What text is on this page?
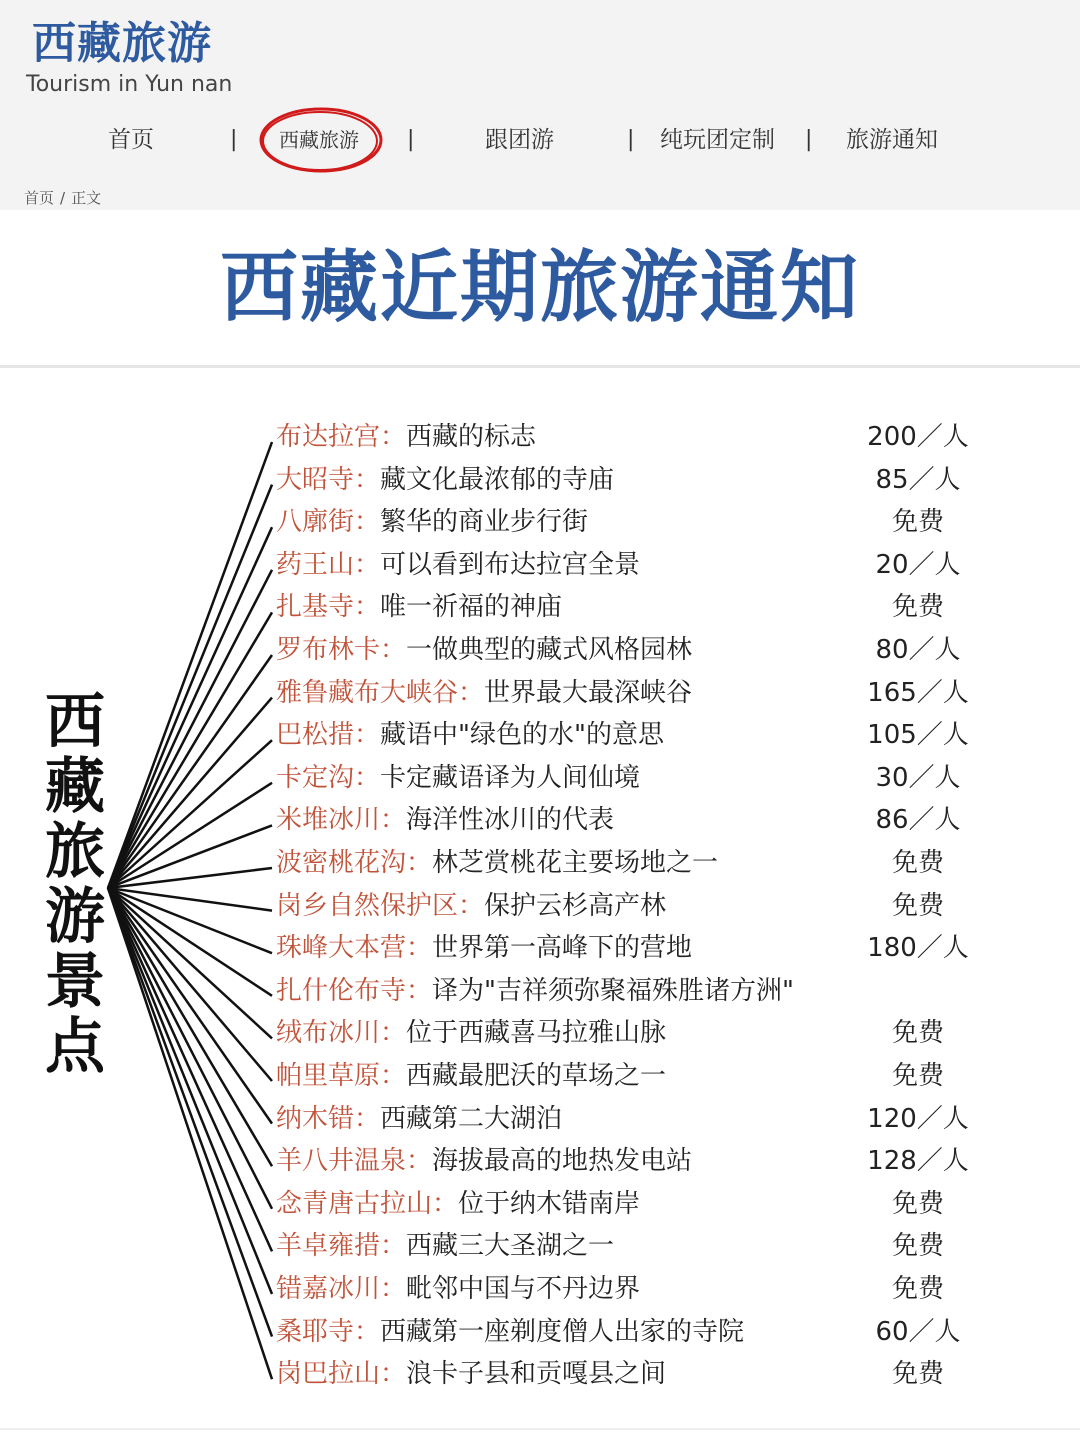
西藏旅游
Tourism in Yun nan
首页	| 西藏旅游 |	跟团游	| 纯玩团定制 | 旅游通知
首页 / 正文
西藏近期旅游通知
西藏旅游景点
布达拉宫：西藏的标志	200／人
大昭寺：藏文化最浓郁的寺庙	85／人
八廓街：繁华的商业步行街	免费
药王山：可以看到布达拉宫全景	20／人
扎基寺：唯一祈福的神庙	免费
罗布林卡：一做典型的藏式风格园林	80／人
雅鲁藏布大峡谷：世界最大最深峡谷	165／人
巴松措：藏语中"绿色的水"的意思	105／人
卡定沟：卡定藏语译为人间仙境	30／人
米堆冰川：海洋性冰川的代表	86／人
波密桃花沟：林芝赏桃花主要场地之一	免费
岗乡自然保护区：保护云杉高产林	免费
珠峰大本营：世界第一高峰下的营地	180／人
扎什伦布寺：译为"吉祥须弥聚福殊胜诸方洲"
绒布冰川：位于西藏喜马拉雅山脉	免费
帕里草原：西藏最肥沃的草场之一	免费
纳木错：西藏第二大湖泊	120／人
羊八井温泉：海拔最高的地热发电站	128／人
念青唐古拉山：位于纳木错南岸	免费
羊卓雍措：西藏三大圣湖之一	免费
错嘉冰川：毗邻中国与不丹边界	免费
桑耶寺：西藏第一座剃度僧人出家的寺院	60／人
岗巴拉山：浪卡子县和贡嘎县之间	免费
